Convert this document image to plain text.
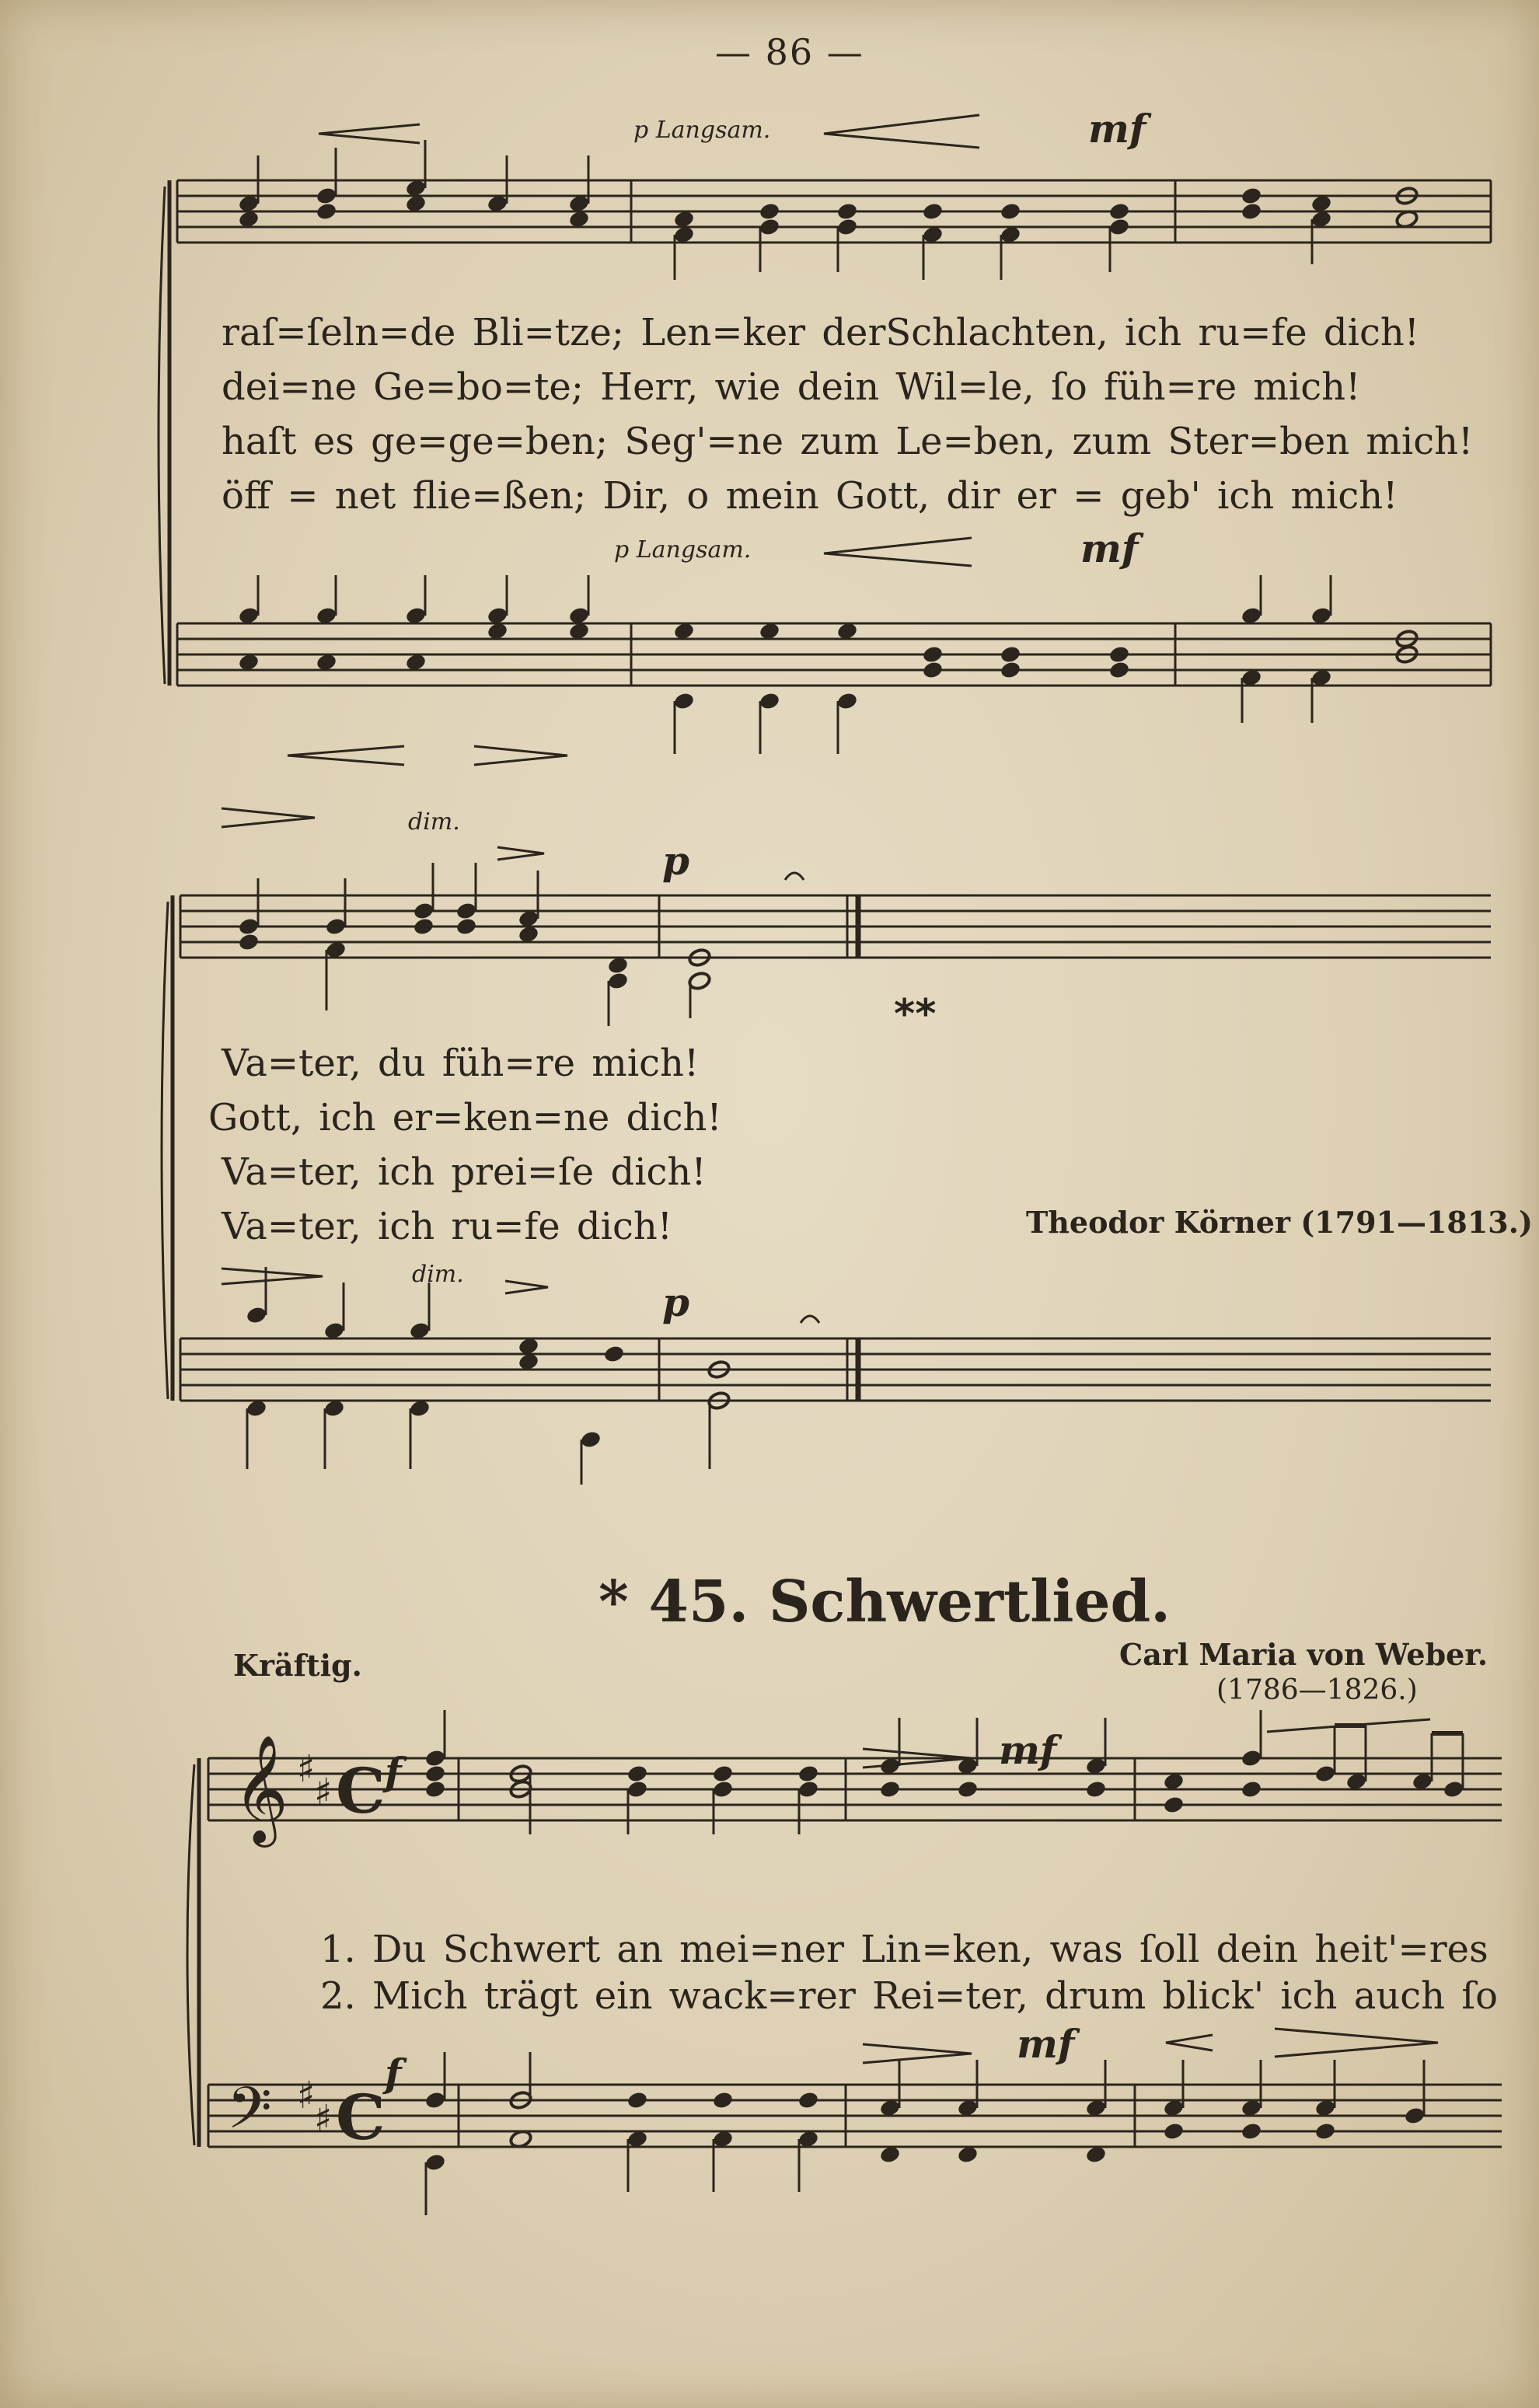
— 86 —
𝄞
𝄢
♯
♯
♯
♯
C
C
p Langsam.	mf
raſ=ſeln=de Bli=tze; Len=ker derSchlachten, ich ru=fe dich!
dei=ne Ge=bo=te; Herr, wie dein Wil=le, ſo füh=re mich!
haſt es ge=ge=ben; Seg'=ne zum Le=ben, zum Ster=ben mich!
öff = net flie=ßen; Dir, o mein Gott, dir er = geb' ich mich!
p Langsam.	mf
dim.
p
**
Va=ter, du füh=re mich!
Gott, ich er=ken=ne dich!
Va=ter, ich prei=ſe dich!
Va=ter, ich ru=fe dich!	Theodor Körner (1791—1813.)
dim.
p
* 45. Schwertlied.
Kräftig.	Carl Maria von Weber.
(1786—1826.)
f	mf
1. Du Schwert an mei=ner Lin=ken, was ſoll dein heit'=res
2. Mich trägt ein wack=rer Rei=ter, drum blick' ich auch ſo
f
mf
